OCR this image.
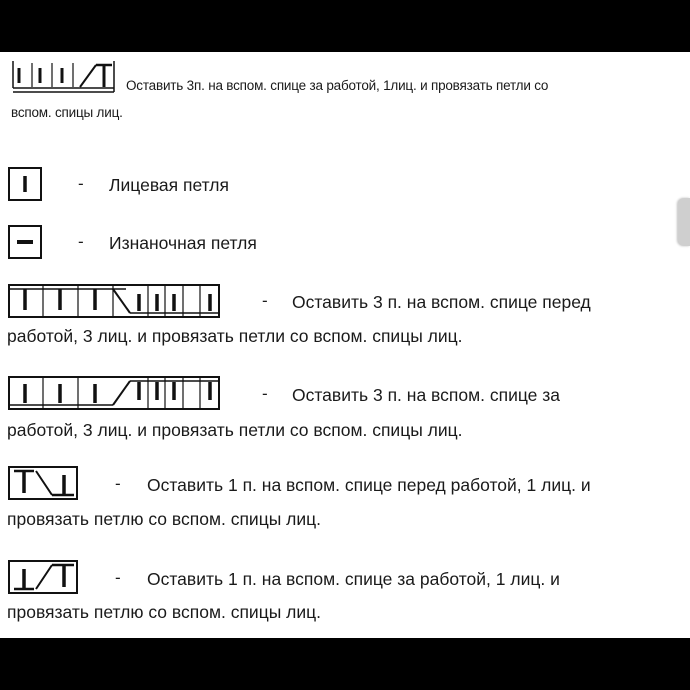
Оставить 3п. на вспом. спице за работой, 1лиц. и провязать петли со
вспом. спицы лиц.
- Лицевая петля
- Изнаночная петля
- Оставить 3 п. на вспом. спице перед
работой, 3 лиц. и провязать петли со вспом. спицы лиц.
- Оставить 3 п. на вспом. спице за
работой, 3 лиц. и провязать петли со вспом. спицы лиц.
- Оставить 1 п. на вспом. спице перед работой, 1 лиц. и
провязать петлю со вспом. спицы лиц.
- Оставить 1 п. на вспом. спице за работой, 1 лиц. и
провязать петлю со вспом. спицы лиц.
